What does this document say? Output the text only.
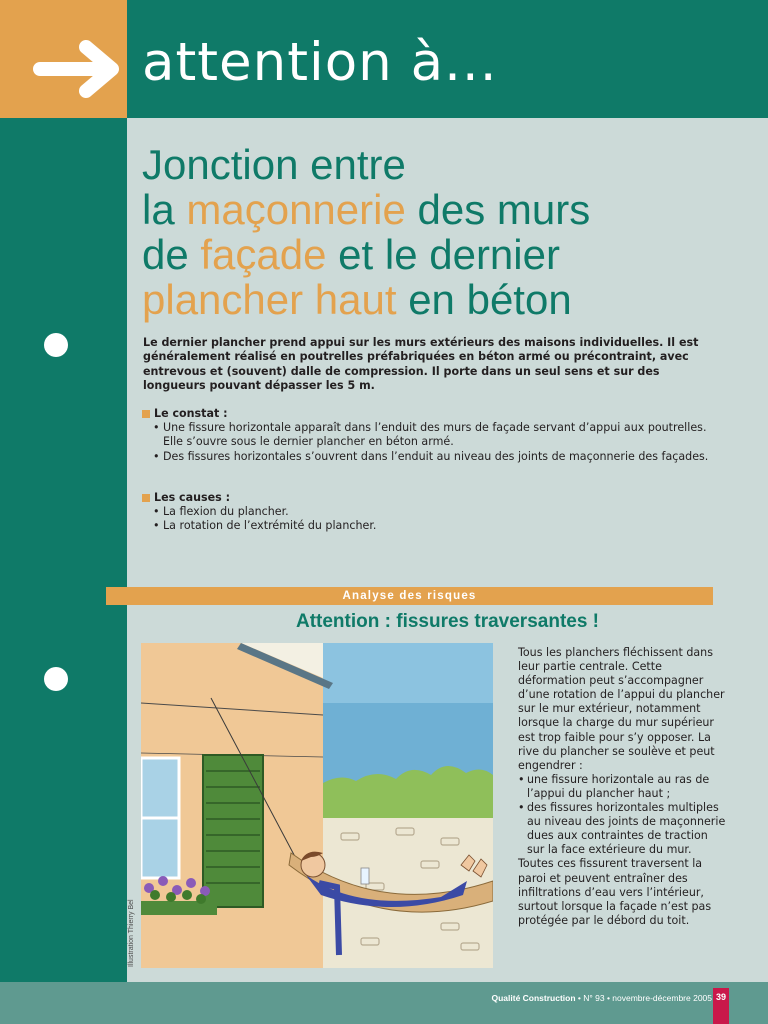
attention à...
Jonction entre
la maçonnerie des murs
de façade et le dernier
plancher haut en béton

Le dernier plancher prend appui sur les murs extérieurs des maisons individuelles. Il est généralement réalisé en poutrelles préfabriquées en béton armé ou précontraint, avec entrevous et (souvent) dalle de compression. Il porte dans un seul sens et sur des longueurs pouvant dépasser les 5 m.

Le constat :
• Une fissure horizontale apparaît dans l’enduit des murs de façade servant d’appui aux poutrelles. Elle s’ouvre sous le dernier plancher en béton armé.
• Des fissures horizontales s’ouvrent dans l’enduit au niveau des joints de maçonnerie des façades.
Les causes :
• La flexion du plancher.
• La rotation de l’extrémité du plancher.
Analyse des risques
Attention : fissures traversantes !
Illustration Thierry Bel

Tous les planchers fléchissent dans leur partie centrale. Cette déformation peut s’accompagner d’une rotation de l’appui du plancher sur le mur extérieur, notamment lorsque la charge du mur supérieur est trop faible pour s’y opposer. La rive du plancher se soulève et peut engendrer :

• une fissure horizontale au ras de l’appui du plancher haut ;
• des fissures horizontales multiples au niveau des joints de maçonnerie dues aux contraintes de traction sur la face extérieure du mur.

Toutes ces fissurent traversent la paroi et peuvent entraîner des infiltrations d’eau vers l’intérieur, surtout lorsque la façade n’est pas protégée par le débord du toit.

Qualité Construction • N° 93 • novembre-décembre 2005 39
